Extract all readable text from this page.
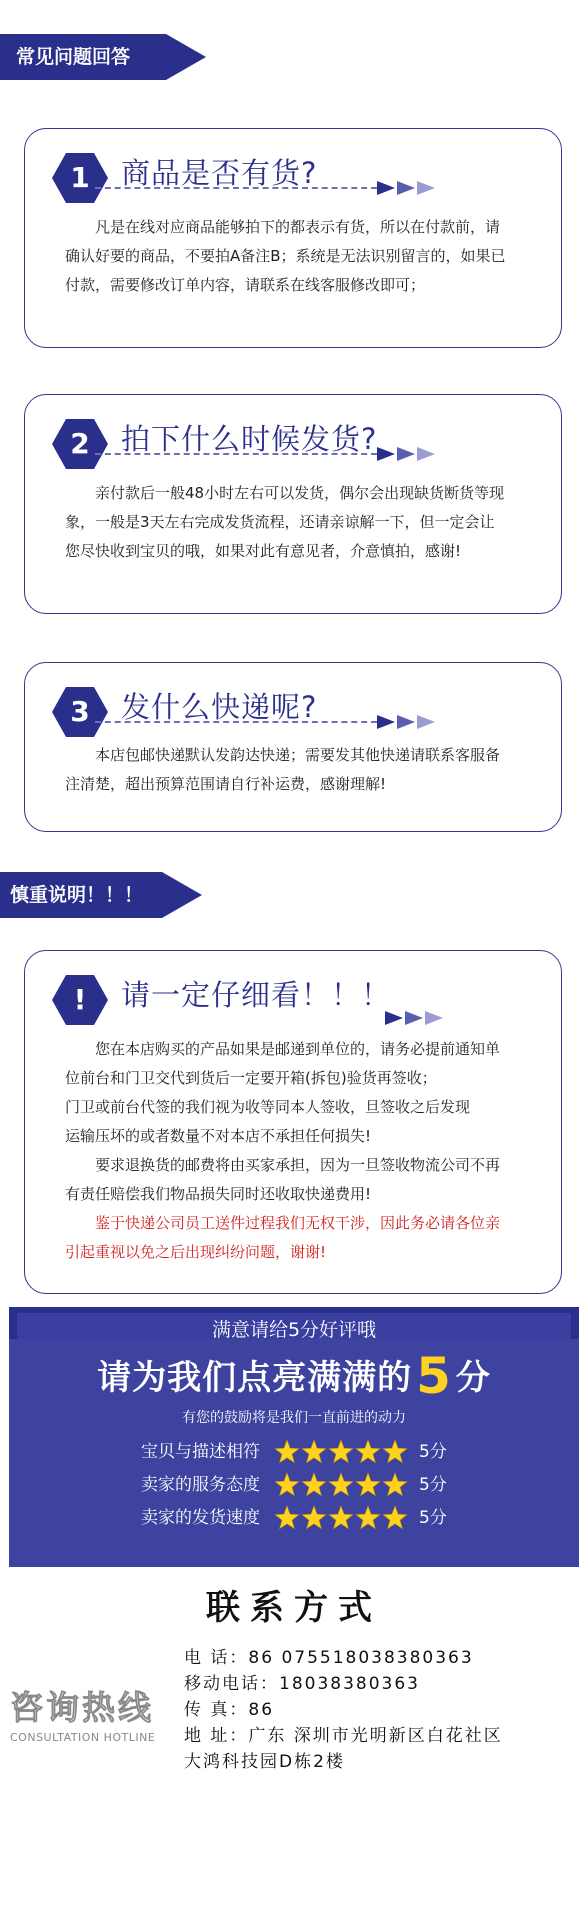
常见问题回答
1	商品是否有货?

凡是在线对应商品能够拍下的都表示有货，所以在付款前，请

确认好要的商品，不要拍A备注B；系统是无法识别留言的，如果已

付款，需要修改订单内容，请联系在线客服修改即可；

2	拍下什么时候发货?

亲付款后一般48小时左右可以发货，偶尔会出现缺货断货等现

象，一般是3天左右完成发货流程，还请亲谅解一下，但一定会让

您尽快收到宝贝的哦，如果对此有意见者，介意慎拍，感谢!

3	发什么快递呢?

本店包邮快递默认发韵达快递；需要发其他快递请联系客服备

注清楚，超出预算范围请自行补运费，感谢理解!

慎重说明！！！
!	请一定仔细看！！！

您在本店购买的产品如果是邮递到单位的，请务必提前通知单

位前台和门卫交代到货后一定要开箱(拆包)验货再签收；

门卫或前台代签的我们视为收等同本人签收，旦签收之后发现

运输压坏的或者数量不对本店不承担任何损失!

要求退换货的邮费将由买家承担，因为一旦签收物流公司不再

有责任赔偿我们物品损失同时还收取快递费用!

鉴于快递公司员工送件过程我们无权干涉，因此务必请各位亲

引起重视以免之后出现纠纷问题，谢谢!

满意请给5分好评哦
请为我们点亮满满的5 分
有您的鼓励将是我们一直前进的动力
宝贝与描述相符	5分
卖家的服务态度	5分
卖家的发货速度	5分
联系方式
咨询热线
CONSULTATION HOTLINE
电 话：86 075518038380363
移动电话：18038380363
传 真：86
地 址：广东 深圳市光明新区白花社区
大鸿科技园D栋2楼
